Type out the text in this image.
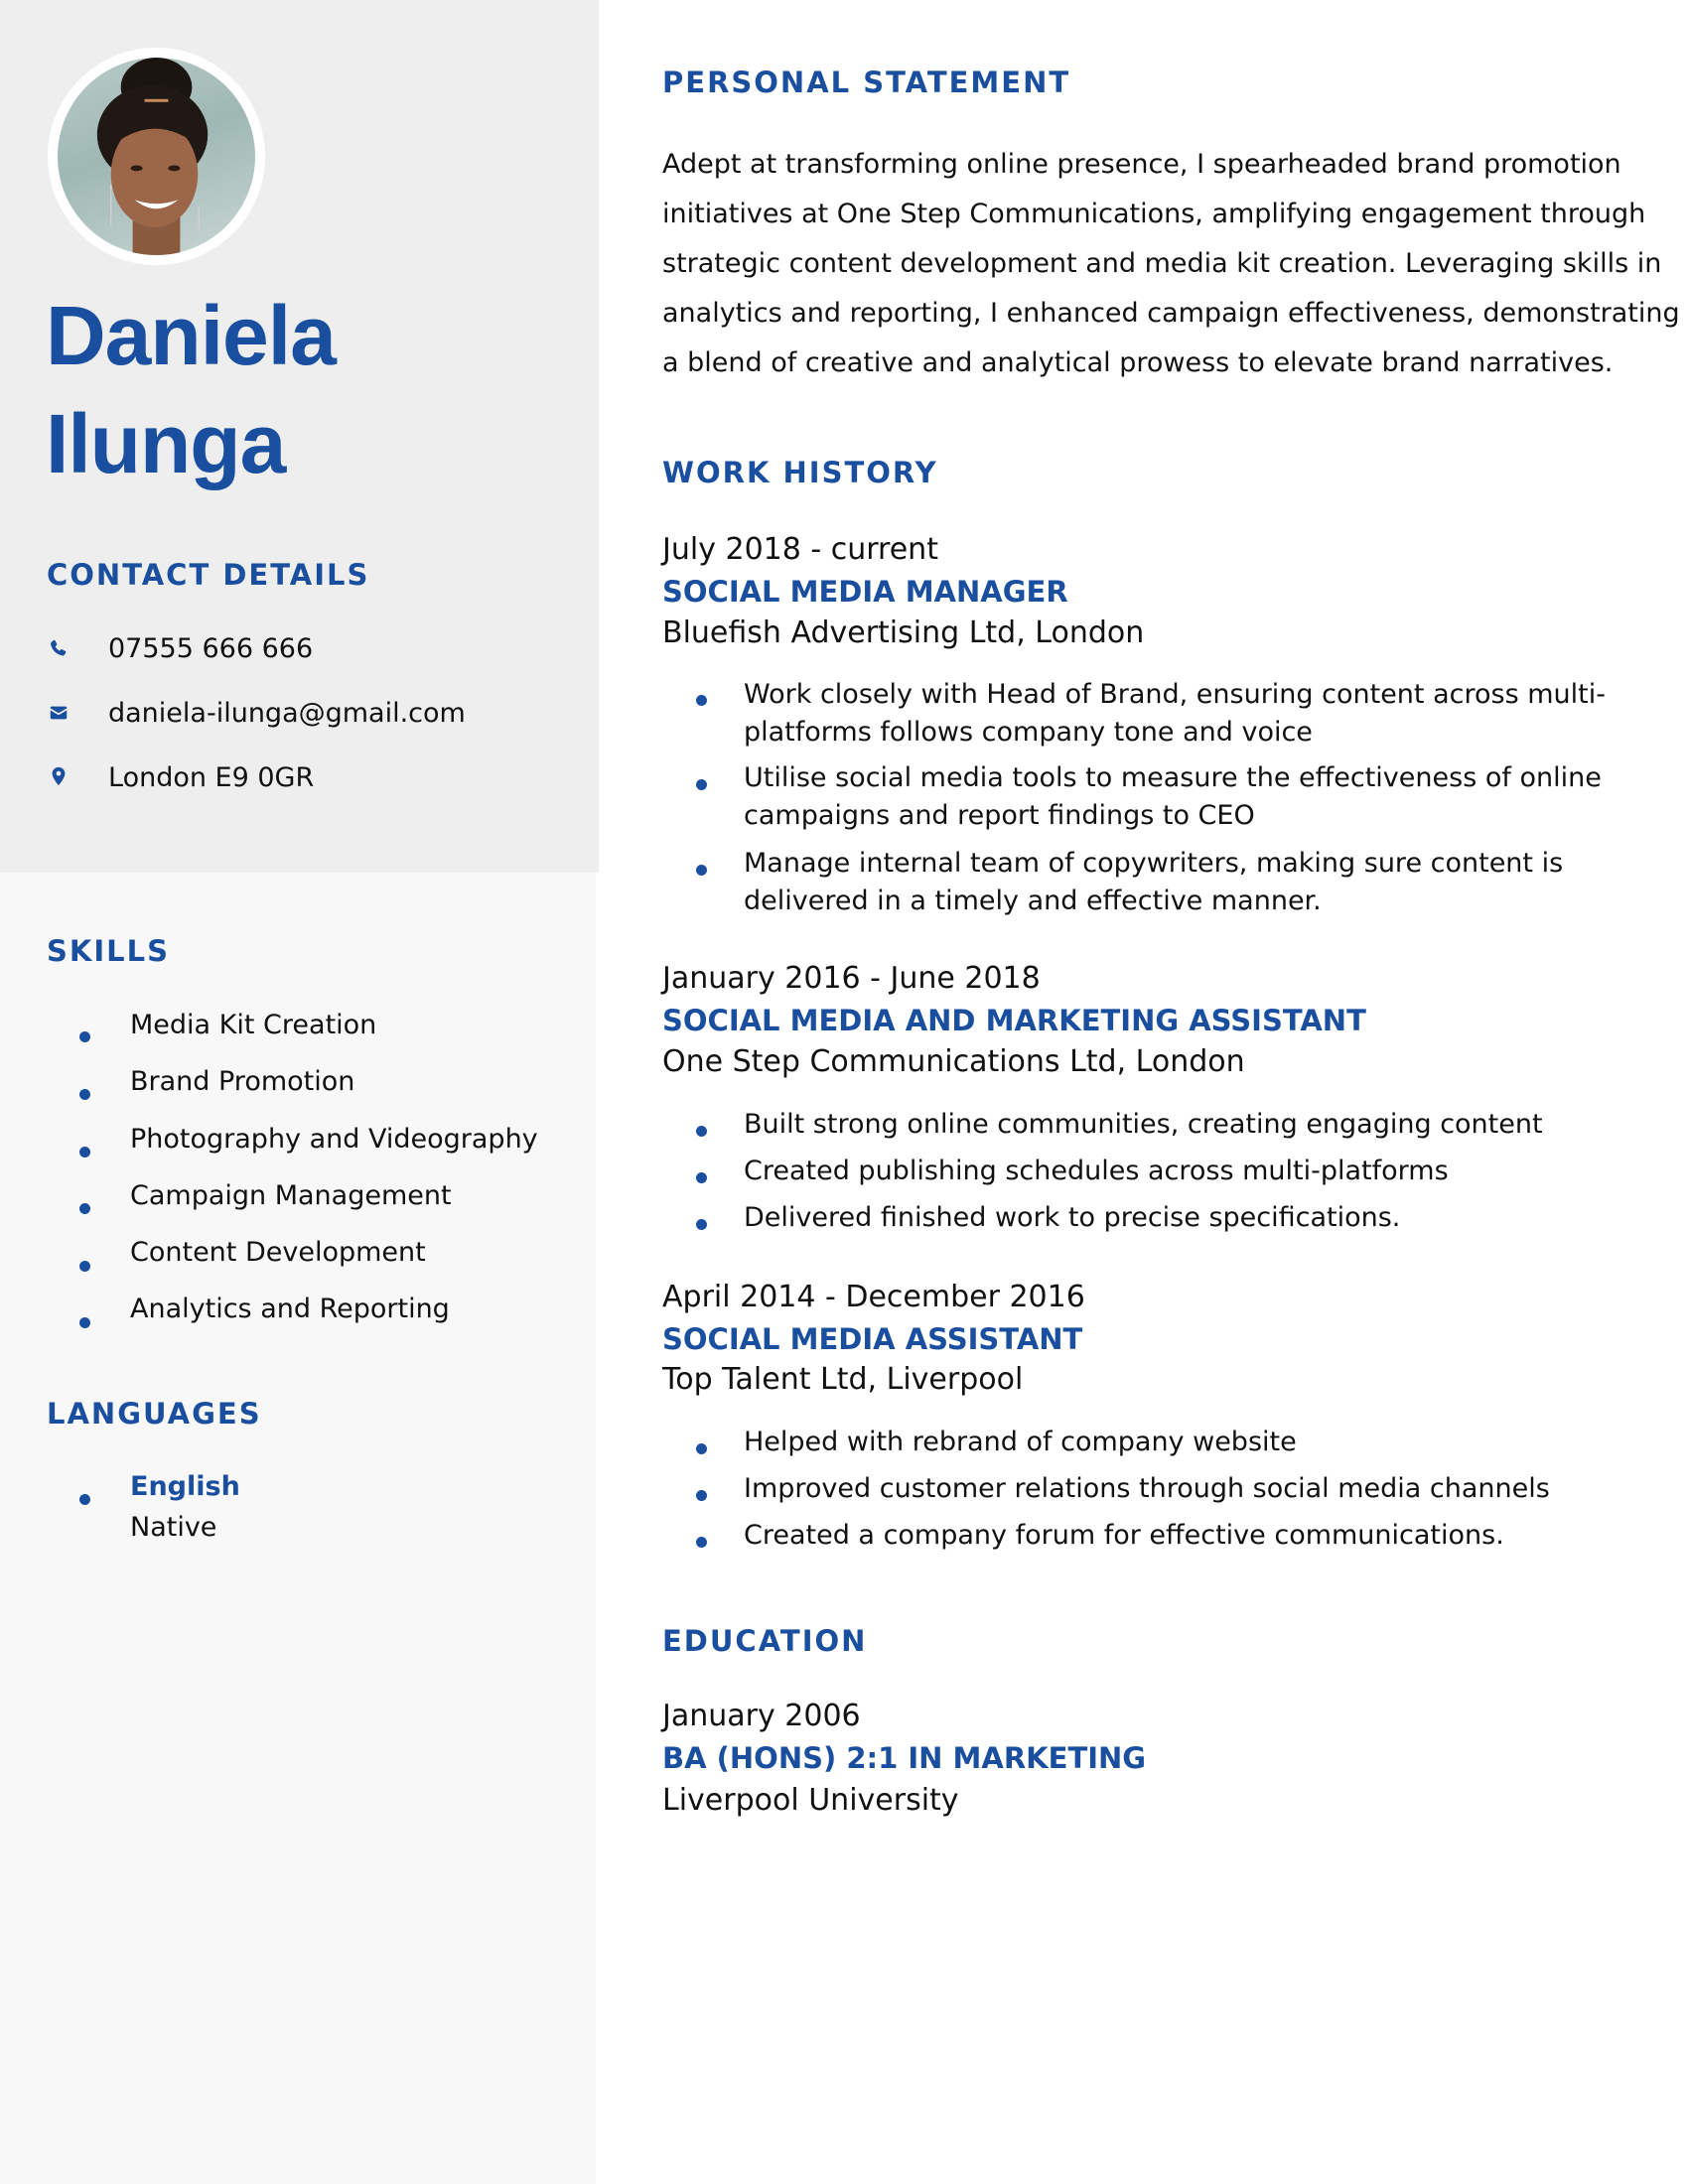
Daniela
Ilunga
CONTACT DETAILS
07555 666 666
daniela-ilunga@gmail.com
London E9 0GR
SKILLS
Media Kit Creation
Brand Promotion
Photography and Videography
Campaign Management
Content Development
Analytics and Reporting
LANGUAGES
English
Native
PERSONAL STATEMENT
Adept at transforming online presence, I spearheaded brand promotion
initiatives at One Step Communications, amplifying engagement through
strategic content development and media kit creation. Leveraging skills in
analytics and reporting, I enhanced campaign effectiveness, demonstrating
a blend of creative and analytical prowess to elevate brand narratives.
WORK HISTORY
July 2018 - current
SOCIAL MEDIA MANAGER
Bluefish Advertising Ltd, London
Work closely with Head of Brand, ensuring content across multi-
platforms follows company tone and voice
Utilise social media tools to measure the effectiveness of online
campaigns and report findings to CEO
Manage internal team of copywriters, making sure content is
delivered in a timely and effective manner.
January 2016 - June 2018
SOCIAL MEDIA AND MARKETING ASSISTANT
One Step Communications Ltd, London
Built strong online communities, creating engaging content
Created publishing schedules across multi-platforms
Delivered finished work to precise specifications.
April 2014 - December 2016
SOCIAL MEDIA ASSISTANT
Top Talent Ltd, Liverpool
Helped with rebrand of company website
Improved customer relations through social media channels
Created a company forum for effective communications.
EDUCATION
January 2006
BA (HONS) 2:1 IN MARKETING
Liverpool University
